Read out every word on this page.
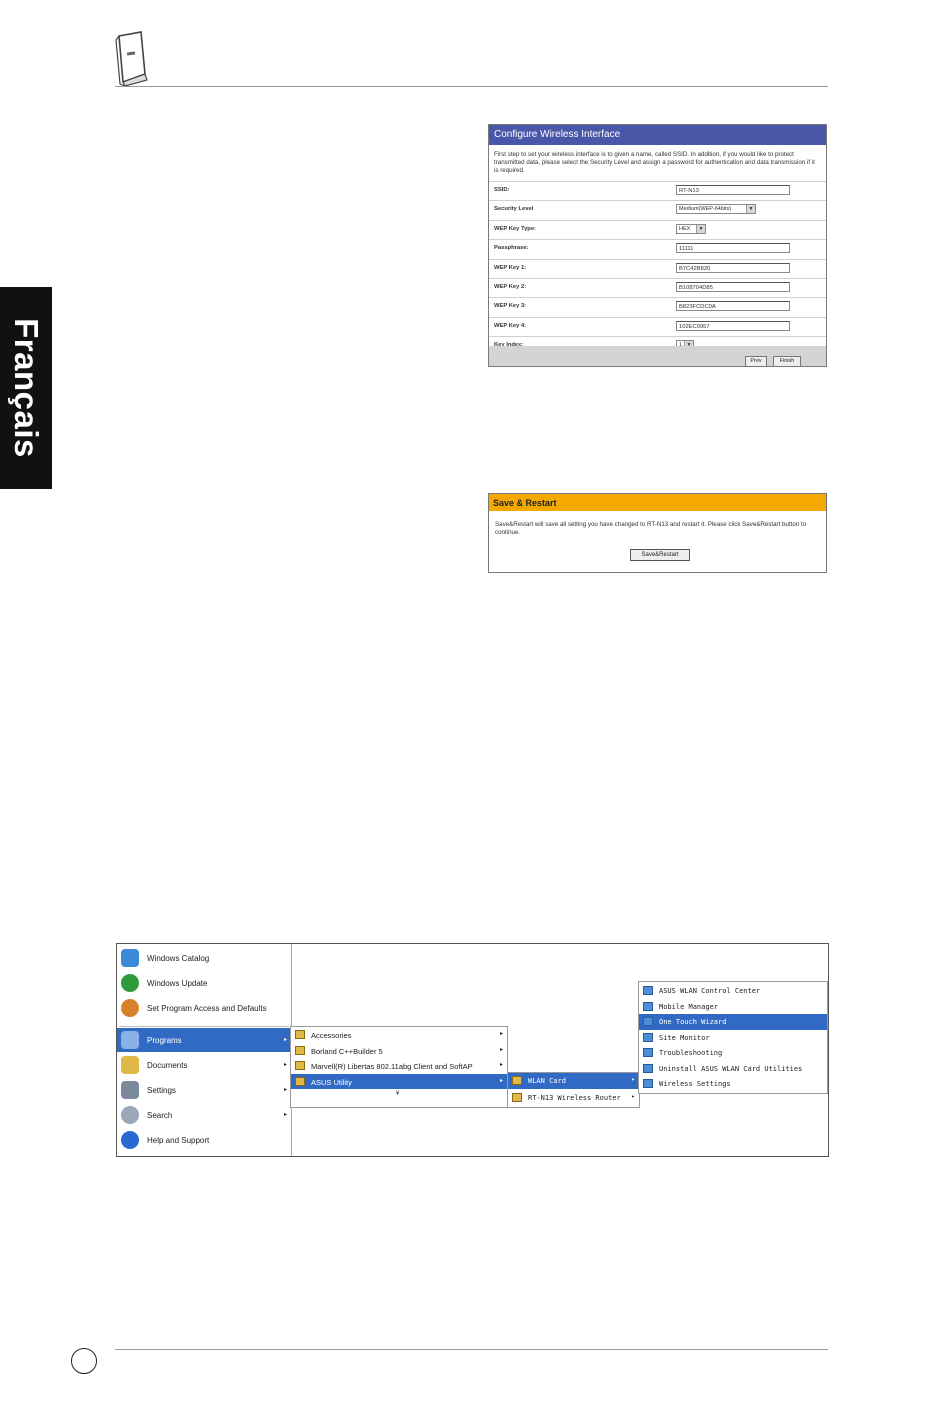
Français
Configure Wireless Interface
First step to set your wireless interface is to given a name, called SSID. In addition, if you would like to protect transmitted data, please select the Security Level and assign a password for authentication and data transmission if it is required.
SSID:	RT-N13
Security Level	Medium(WEP-64bits)	▼
WEP Key Type:	HEX	▼
Passphrase:	11111
WEP Key 1:	B7C42B820
WEP Key 2:	B108704D85
WEP Key 3:	B823FCDC0A
WEP Key 4:	102EC0957
Prev	Finish
Save & Restart
Save&Restart will save all setting you have changed to RT-N13 and restart it. Please click Save&Restart button to continue.
Save&Restart
Windows Catalog
Windows Update
Set Program Access and Defaults
Programs	▸
Documents	▸
Settings	▸
Search	▸
Help and Support
Accessories	▸
Borland C++Builder 5	▸
Marvell(R) Libertas 802.11abg Client and SoftAP	▸
ASUS Utility	▸
¥
WLAN Card	▸
RT-N13 Wireless Router ▸
ASUS WLAN Control Center
Mobile Manager
One Touch Wizard
Site Monitor
Troubleshooting
Uninstall ASUS WLAN Card Utilities
Wireless Settings
